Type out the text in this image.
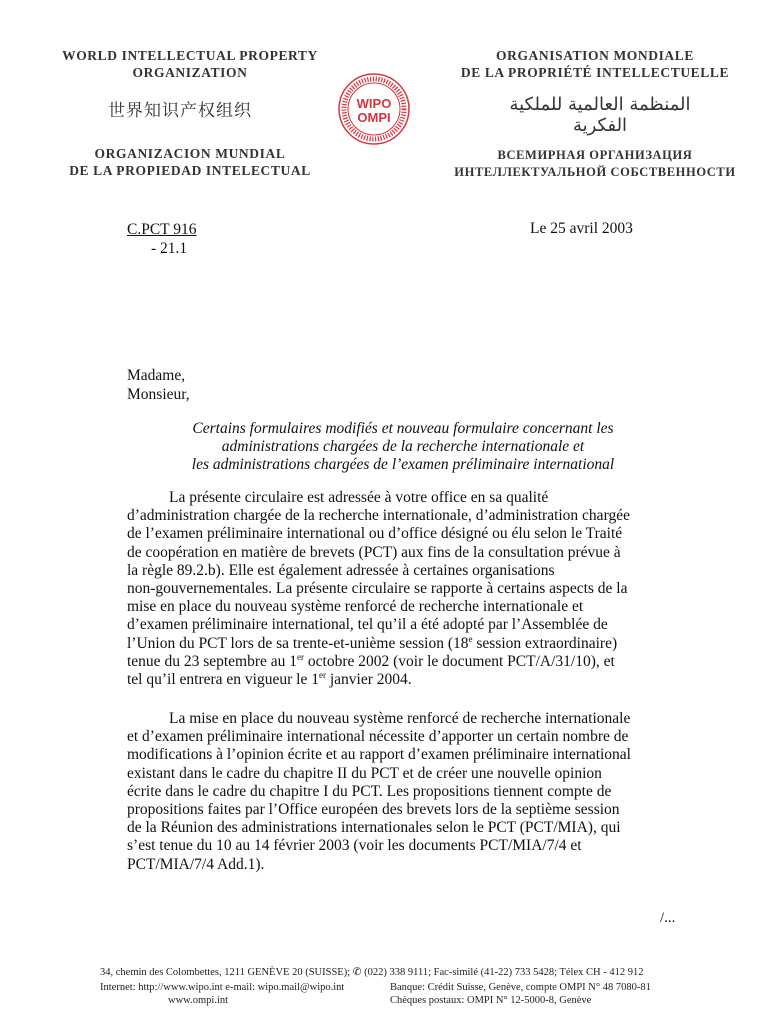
WORLD INTELLECTUAL PROPERTY
ORGANIZATION
ORGANISATION MONDIALE
DE LA PROPRIÉTÉ INTELLECTUELLE
世界知识产权组织	المنظمة العالمية للملكية الفكرية
WIPO
OMPI
ORGANIZACION MUNDIAL
DE LA PROPIEDAD INTELECTUAL
ВСЕМИРНАЯ ОРГАНИЗАЦИЯ
ИНТЕЛЛЕКТУАЛЬНОЙ СОБСТВЕННОСТИ
C.PCT 916
- 21.1
Le 25 avril 2003
Madame,
Monsieur,
Certains formulaires modifiés et nouveau formulaire concernant les
administrations chargées de la recherche internationale et
les administrations chargées de l’examen préliminaire international
La présente circulaire est adressée à votre office en sa qualité
d’administration chargée de la recherche internationale, d’administration chargée
de l’examen préliminaire international ou d’office désigné ou élu selon le Traité
de coopération en matière de brevets (PCT) aux fins de la consultation prévue à
la règle 89.2.b). Elle est également adressée à certaines organisations
non-gouvernementales. La présente circulaire se rapporte à certains aspects de la
mise en place du nouveau système renforcé de recherche internationale et
d’examen préliminaire international, tel qu’il a été adopté par l’Assemblée de
l’Union du PCT lors de sa trente-et-unième session (18e session extraordinaire)
tenue du 23 septembre au 1er octobre 2002 (voir le document PCT/A/31/10), et
tel qu’il entrera en vigueur le 1er janvier 2004.
La mise en place du nouveau système renforcé de recherche internationale
et d’examen préliminaire international nécessite d’apporter un certain nombre de
modifications à l’opinion écrite et au rapport d’examen préliminaire international
existant dans le cadre du chapitre II du PCT et de créer une nouvelle opinion
écrite dans le cadre du chapitre I du PCT. Les propositions tiennent compte de
propositions faites par l’Office européen des brevets lors de la septième session
de la Réunion des administrations internationales selon le PCT (PCT/MIA), qui
s’est tenue du 10 au 14 février 2003 (voir les documents PCT/MIA/7/4 et
PCT/MIA/7/4 Add.1).
/...
34, chemin des Colombettes, 1211 GENÈVE 20 (SUISSE); ✆ (022) 338 9111; Fac-similé (41-22) 733 5428; Télex CH - 412 912
Internet: http://www.wipo.int e-mail: wipo.mail@wipo.int
www.ompi.int
Banque: Crédit Suisse, Genève, compte OMPI N° 48 7080-81
Chèques postaux: OMPI N° 12-5000-8, Genève
